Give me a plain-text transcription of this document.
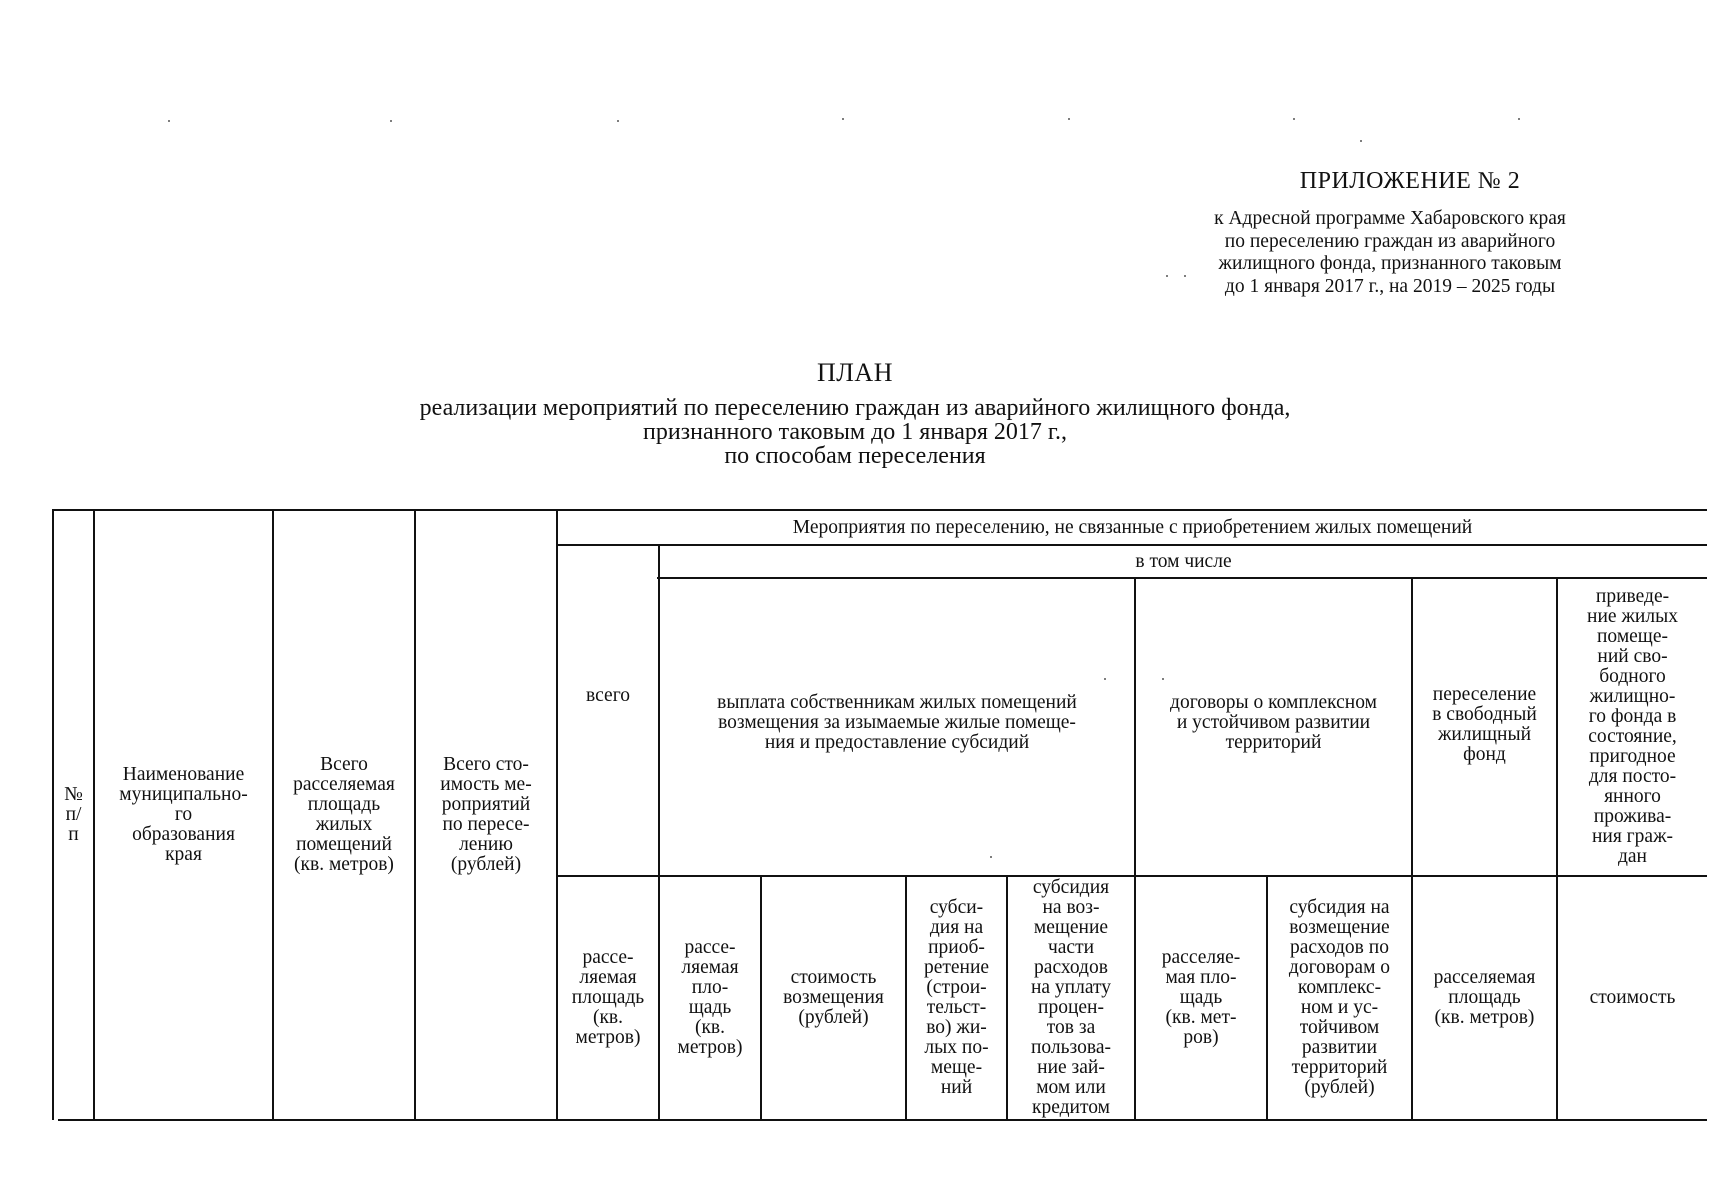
ПРИЛОЖЕНИЕ № 2
к Адресной программе Хабаровского края
по переселению граждан из аварийного
жилищного фонда, признанного таковым
до 1 января 2017 г., на 2019 – 2025 годы
ПЛАН
реализации мероприятий по переселению граждан из аварийного жилищного фонда,
признанного таковым до 1 января 2017 г.,
по способам переселения
№
п/
п
Наименование
муниципально-
го
образования
края
Всего
расселяемая
площадь
жилых
помещений
(кв. метров)
Всего сто-
имость ме-
роприятий
по пересе-
лению
(рублей)
Мероприятия по переселению, не связанные с приобретением жилых помещений
всего
в том числе
выплата собственникам жилых помещений
возмещения за изымаемые жилые помеще-
ния и предоставление субсидий
договоры о комплексном
и устойчивом развитии
территорий
переселение
в свободный
жилищный
фонд
приведе-
ние жилых
помеще-
ний сво-
бодного
жилищно-
го фонда в
состояние,
пригодное
для посто-
янного
прожива-
ния граж-
дан
рассе-
ляемая
площадь
(кв.
метров)
рассе-
ляемая
пло-
щадь
(кв.
метров)
стоимость
возмещения
(рублей)
субси-
дия на
приоб-
ретение
(строи-
тельст-
во) жи-
лых по-
меще-
ний
субсидия
на воз-
мещение
части
расходов
на уплату
процен-
тов за
пользова-
ние зай-
мом или
кредитом
расселяе-
мая пло-
щадь
(кв. мет-
ров)
субсидия на
возмещение
расходов по
договорам о
комплекс-
ном и ус-
тойчивом
развитии
территорий
(рублей)
расселяемая
площадь
(кв. метров)
стоимость
